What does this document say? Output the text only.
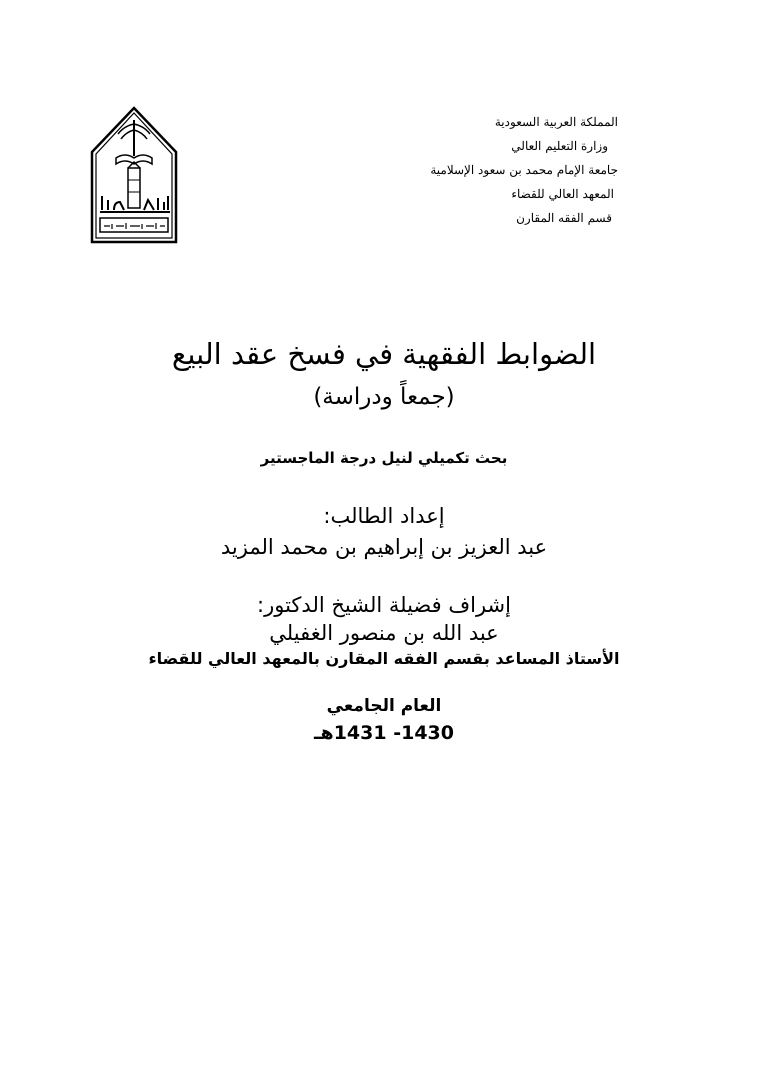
المملكة العربية السعودية
وزارة التعليم العالي
جامعة الإمام محمد بن سعود الإسلامية
المعهد العالي للقضاء
قسم الفقه المقارن
الضوابط الفقهية في فسخ عقد البيع
(جمعاً ودراسة)
بحث تكميلي لنيل درجة الماجستير
إعداد الطالب:
عبد العزيز بن إبراهيم بن محمد المزيد
إشراف فضيلة الشيخ الدكتور:
عبد الله بن منصور الغفيلي
الأستاذ المساعد بقسم الفقه المقارن بالمعهد العالي للقضاء
العام الجامعي
1430- 1431هـ
